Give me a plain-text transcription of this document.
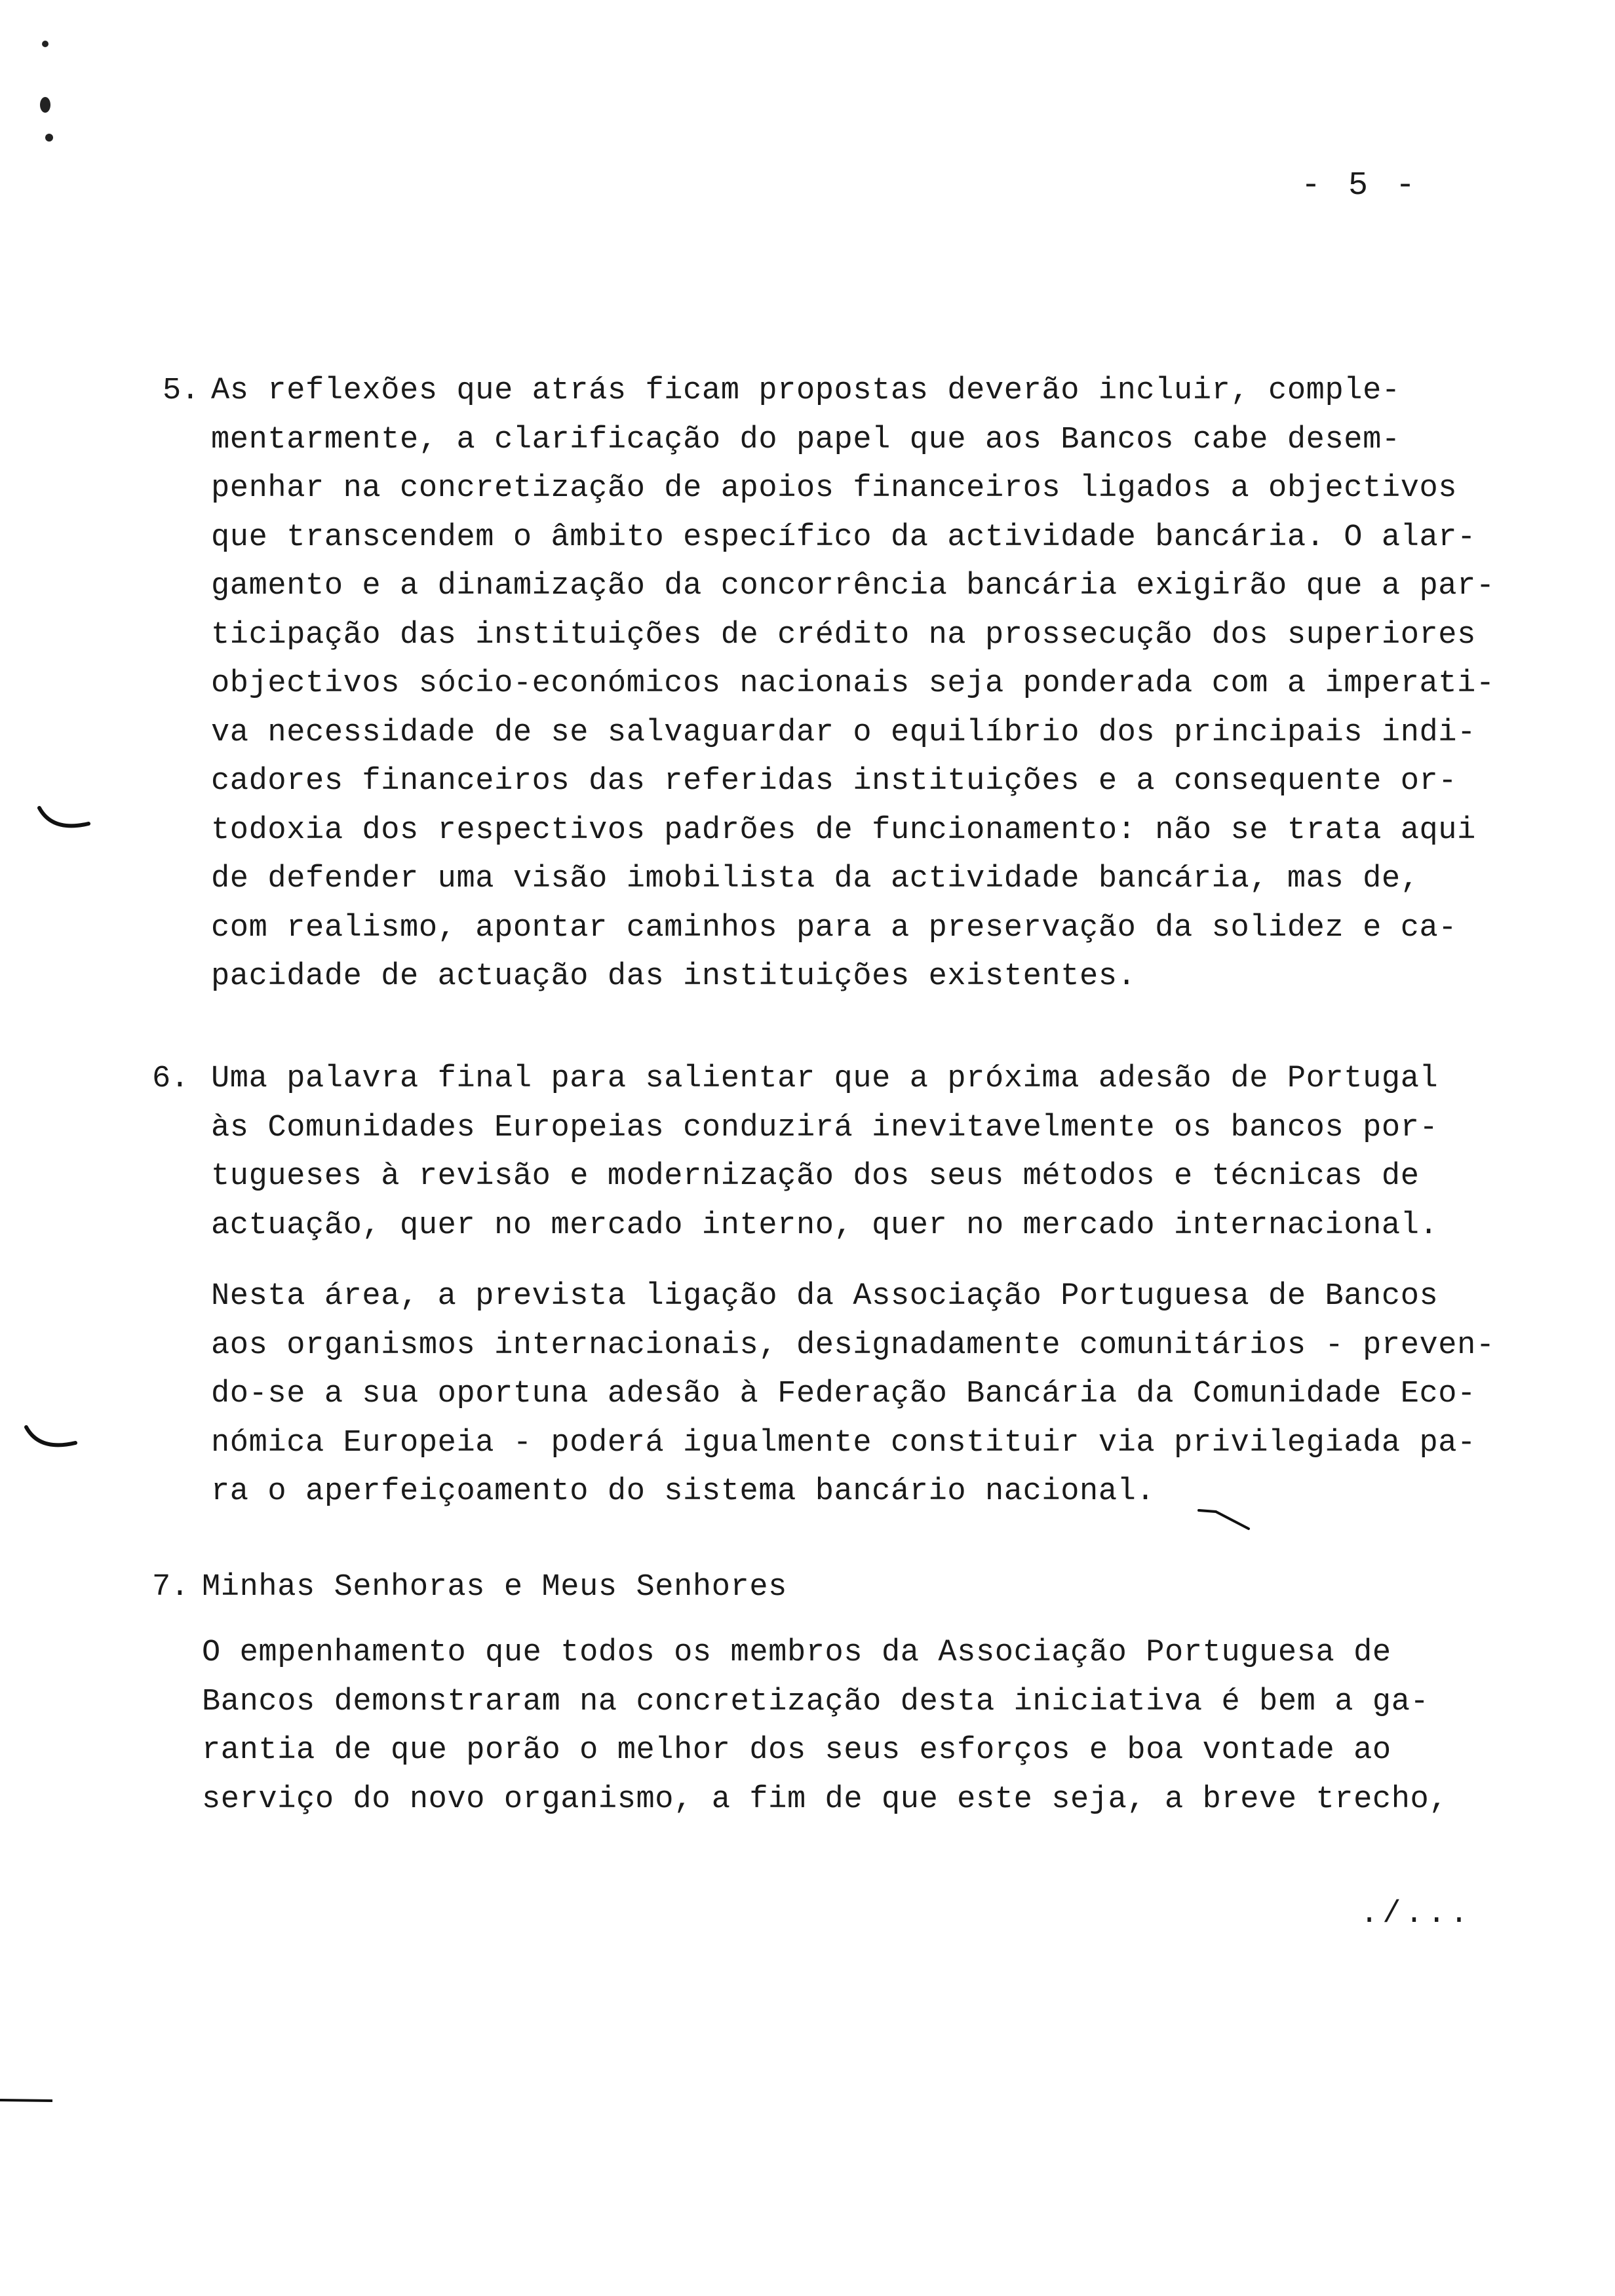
- 5 -
5. As reflexões que atrás ficam propostas deverão incluir, comple-
mentarmente, a clarificação do papel que aos Bancos cabe desem-
penhar na concretização de apoios financeiros ligados a objectivos
que transcendem o âmbito específico da actividade bancária. O alar-
gamento e a dinamização da concorrência bancária exigirão que a par-
ticipação das instituições de crédito na prossecução dos superiores
objectivos sócio-económicos nacionais seja ponderada com a imperati-
va necessidade de se salvaguardar o equilíbrio dos principais indi-
cadores financeiros das referidas instituições e a consequente or-
todoxia dos respectivos padrões de funcionamento: não se trata aqui
de defender uma visão imobilista da actividade bancária, mas de,
com realismo, apontar caminhos para a preservação da solidez e ca-
pacidade de actuação das instituições existentes.
6. Uma palavra final para salientar que a próxima adesão de Portugal
às Comunidades Europeias conduzirá inevitavelmente os bancos por-
tugueses à revisão e modernização dos seus métodos e técnicas de
actuação, quer no mercado interno, quer no mercado internacional.
Nesta área, a prevista ligação da Associação Portuguesa de Bancos
aos organismos internacionais, designadamente comunitários - preven-
do-se a sua oportuna adesão à Federação Bancária da Comunidade Eco-
nómica Europeia - poderá igualmente constituir via privilegiada pa-
ra o aperfeiçoamento do sistema bancário nacional.
7. Minhas Senhoras e Meus Senhores
O empenhamento que todos os membros da Associação Portuguesa de
Bancos demonstraram na concretização desta iniciativa é bem a ga-
rantia de que porão o melhor dos seus esforços e boa vontade ao
serviço do novo organismo, a fim de que este seja, a breve trecho,
./...
